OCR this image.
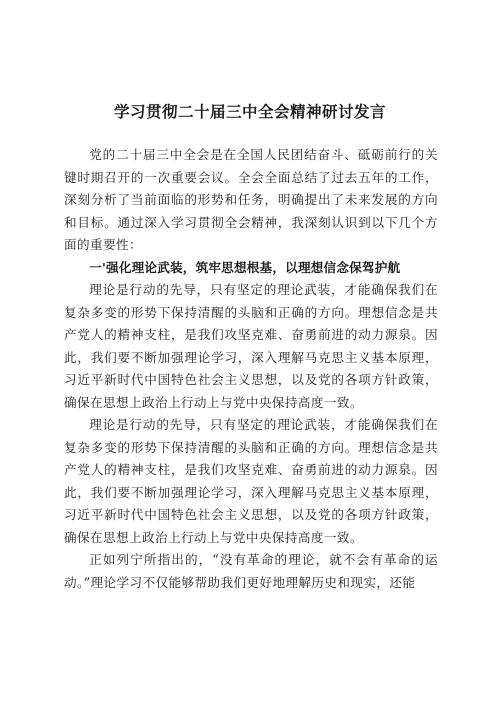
学习贯彻二十届三中全会精神研讨发言

党的二十届三中全会是在全国人民团结奋斗、砥砺前行的关键时期召开的一次重要会议。全会全面总结了过去五年的工作，深刻分析了当前面临的形势和任务，明确提出了未来发展的方向和目标。通过深入学习贯彻全会精神，我深刻认识到以下几个方面的重要性：

一'强化理论武装，筑牢思想根基，以理想信念保驾护航

理论是行动的先导，只有坚定的理论武装，才能确保我们在复杂多变的形势下保持清醒的头脑和正确的方向。理想信念是共产党人的精神支柱，是我们攻坚克难、奋勇前进的动力源泉。因此，我们要不断加强理论学习，深入理解马克思主义基本原理，习近平新时代中国特色社会主义思想，以及党的各项方针政策，确保在思想上政治上行动上与党中央保持高度一致。

理论是行动的先导，只有坚定的理论武装，才能确保我们在复杂多变的形势下保持清醒的头脑和正确的方向。理想信念是共产党人的精神支柱，是我们攻坚克难、奋勇前进的动力源泉。因此，我们要不断加强理论学习，深入理解马克思主义基本原理，习近平新时代中国特色社会主义思想，以及党的各项方针政策，确保在思想上政治上行动上与党中央保持高度一致。

正如列宁所指出的，“没有革命的理论，就不会有革命的运动。”理论学习不仅能够帮助我们更好地理解历史和现实，还能
